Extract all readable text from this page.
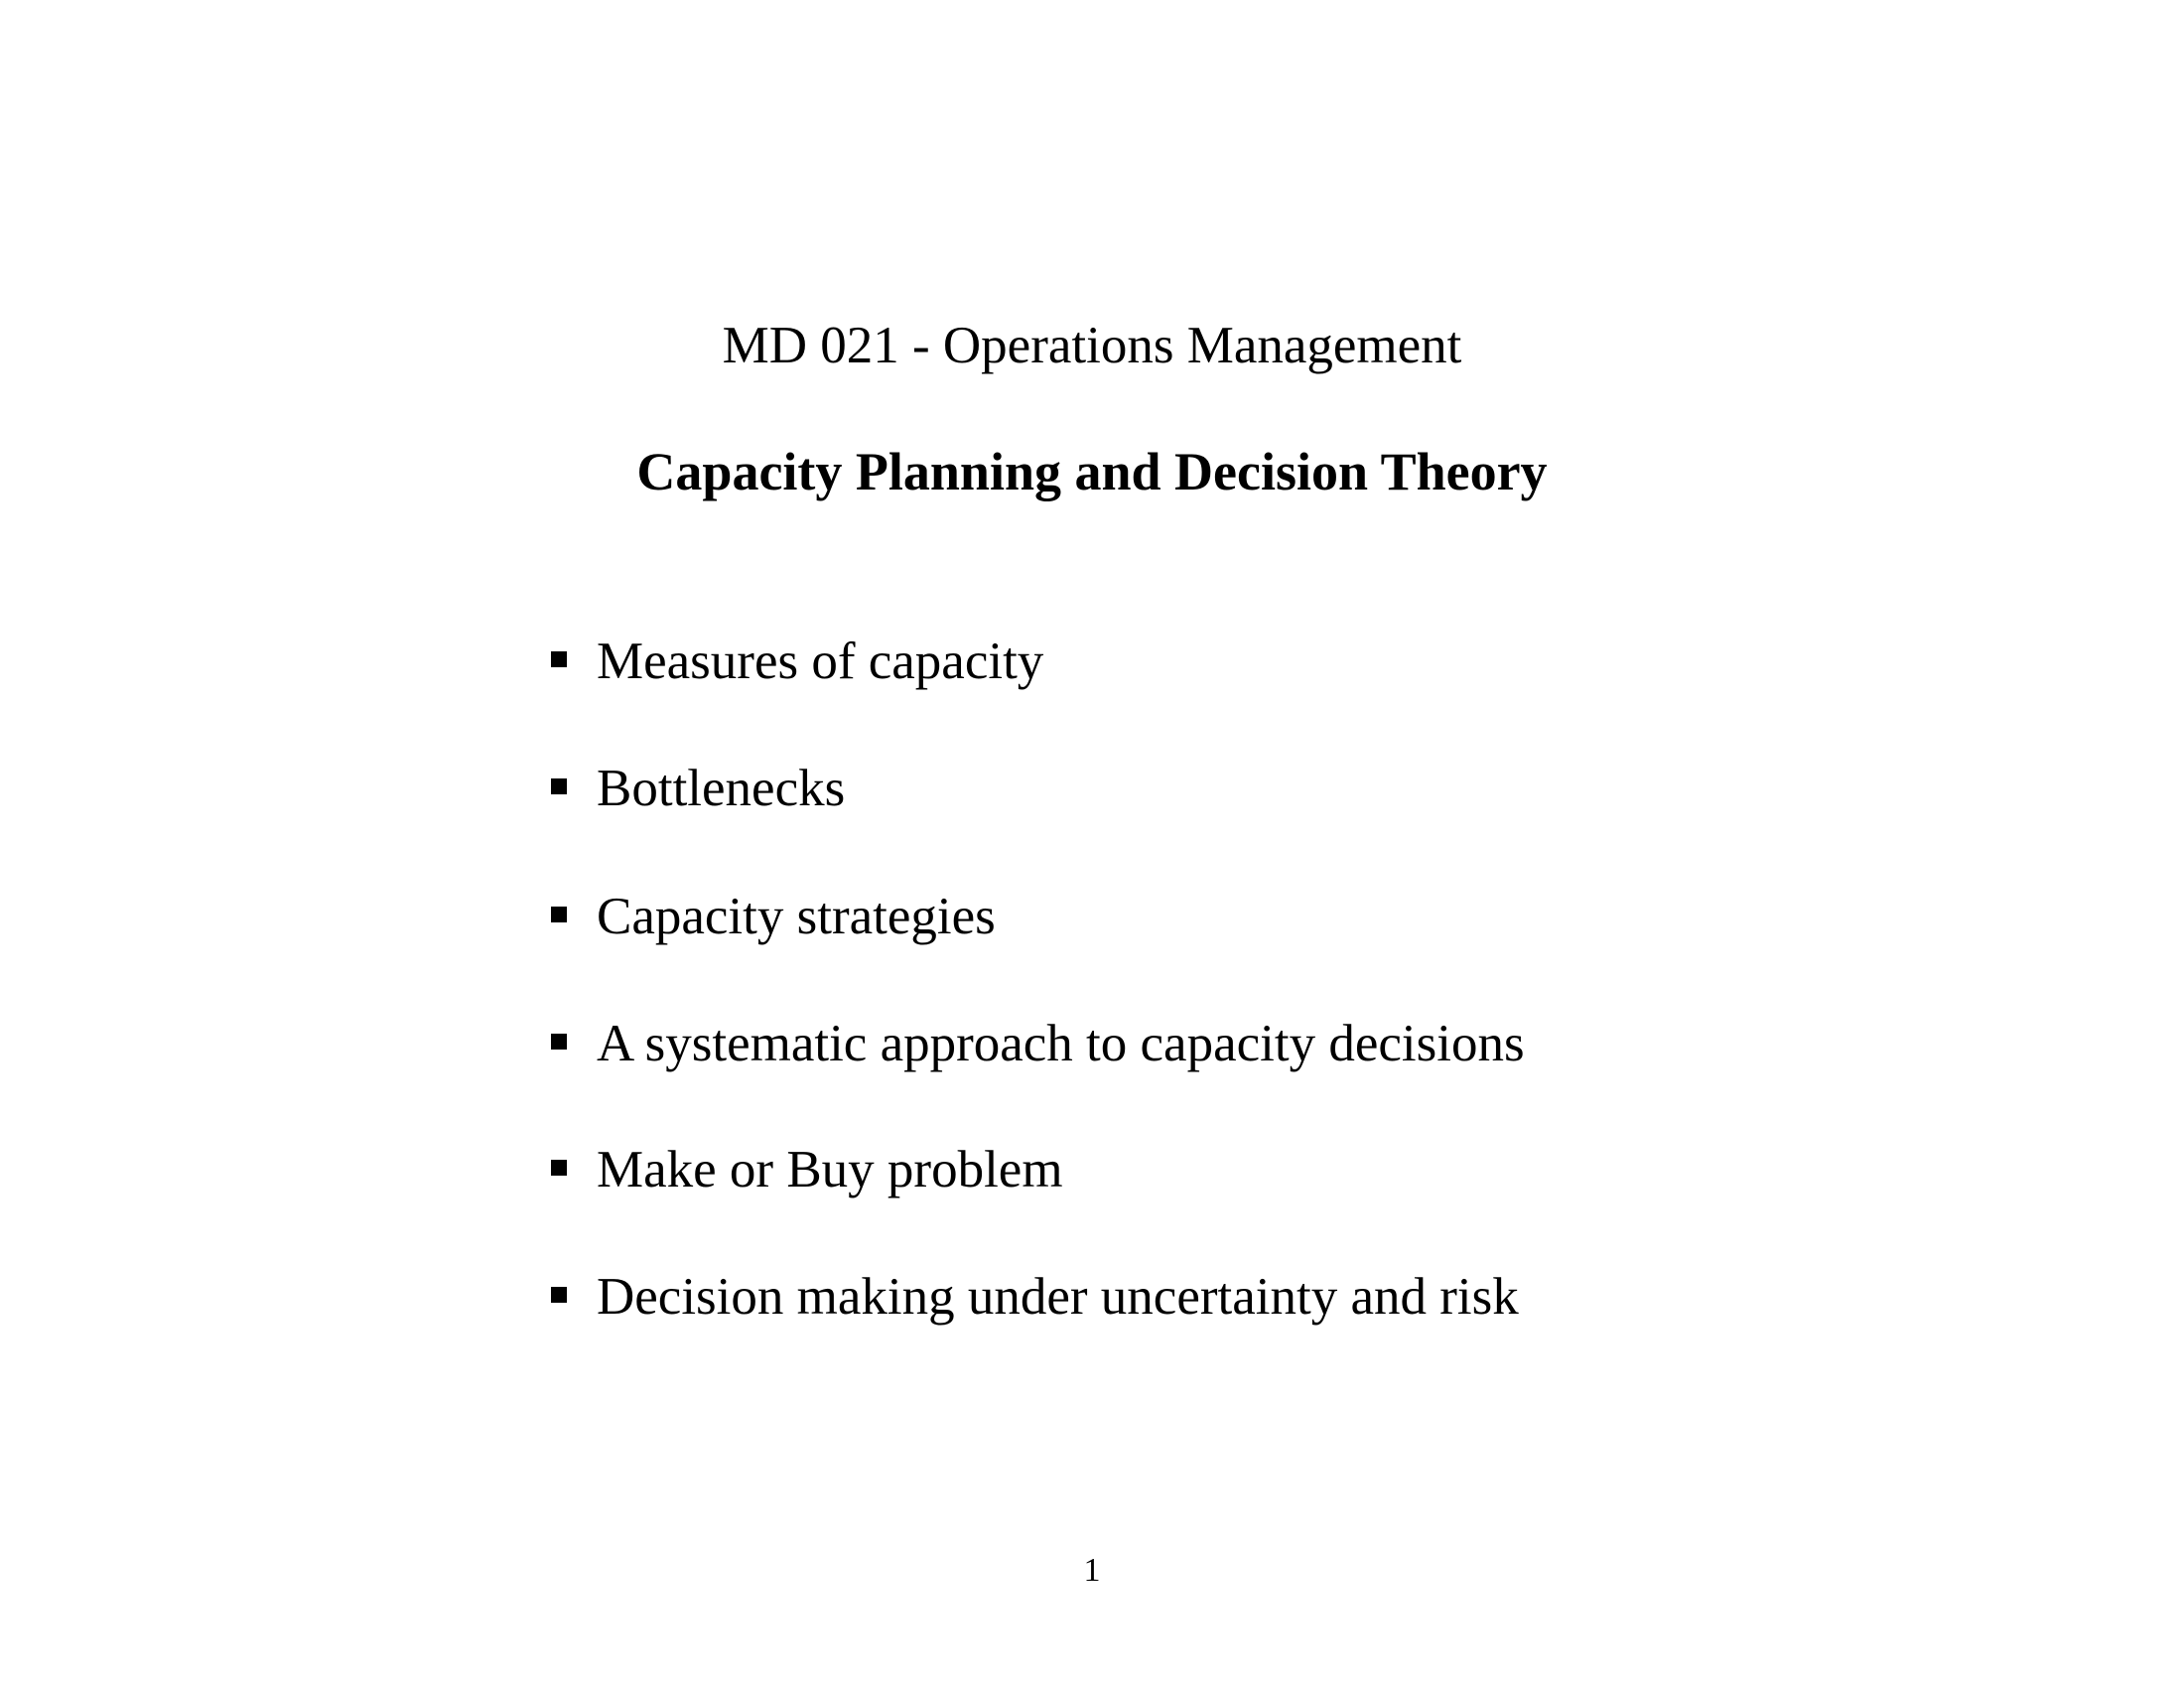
MD 021 - Operations Management
Capacity Planning and Decision Theory
Measures of capacity
Bottlenecks
Capacity strategies
A systematic approach to capacity decisions
Make or Buy problem
Decision making under uncertainty and risk
1
